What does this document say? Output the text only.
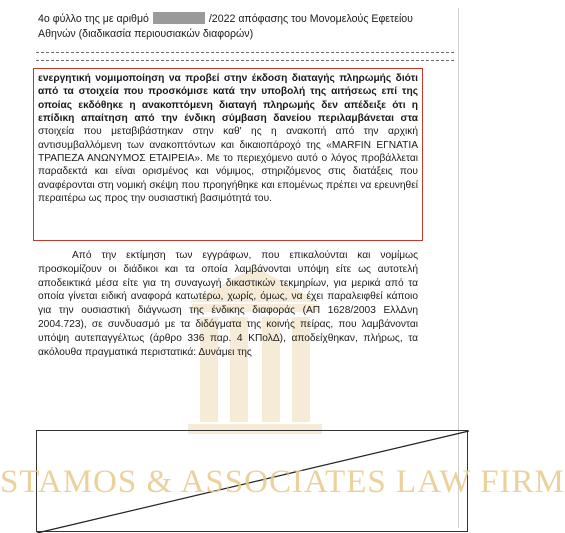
4ο φύλλο της με αριθμό	/2022 απόφασης του Μονομελούς Εφετείου
Αθηνών (διαδικασία περιουσιακών διαφορών)
ενεργητική νομιμοποίηση να προβεί στην έκδοση διαταγής πληρωμής διότι από τα στοιχεία που προσκόμισε κατά την υποβολή της αιτήσεως επί της οποίας εκδόθηκε η ανακοπτόμενη διαταγή πληρωμής δεν απέδειξε ότι η επίδικη απαίτηση από την ένδικη σύμβαση δανείου περιλαμβάνεται στα στοιχεία που μεταβιβάστηκαν στην καθ' ης η ανακοπή από την αρχική αντισυμβαλλόμενη των ανακοπτόντων και δικαιοπάροχό της «MARFIN ΕΓΝΑΤΙΑ ΤΡΑΠΕΖΑ ΑΝΩΝΥΜΟΣ ΕΤΑΙΡΕΙΑ». Με το περιεχόμενο αυτό ο λόγος προβάλλεται παραδεκτά και είναι ορισμένος και νόμιμος, στηριζόμενος στις διατάξεις που αναφέρονται στη νομική σκέψη που προηγήθηκε και επομένως πρέπει να ερευνηθεί περαιτέρω ως προς την ουσιαστική βασιμότητά του.
Από την εκτίμηση των εγγράφων, που επικαλούνται και νομίμως προσκομίζουν οι διάδικοι και τα οποία λαμβάνονται υπόψη είτε ως αυτοτελή αποδεικτικά μέσα είτε για τη συναγωγή δικαστικών τεκμηρίων, για μερικά από τα οποία γίνεται ειδική αναφορά κατωτέρω, χωρίς, όμως, να έχει παραλειφθεί κάποιο για την ουσιαστική διάγνωση της ένδικης διαφοράς (ΑΠ 1628/2003 ΕλλΔνη 2004.723), σε συνδυασμό με τα διδάγματα της κοινής πείρας, που λαμβάνονται υπόψη αυτεπαγγέλτως (άρθρο 336 παρ. 4 ΚΠολΔ), αποδείχθηκαν, πλήρως, τα ακόλουθα πραγματικά περιστατικά: Δυνάμει της
STAMOS & ASSOCIATES LAW FIRM
